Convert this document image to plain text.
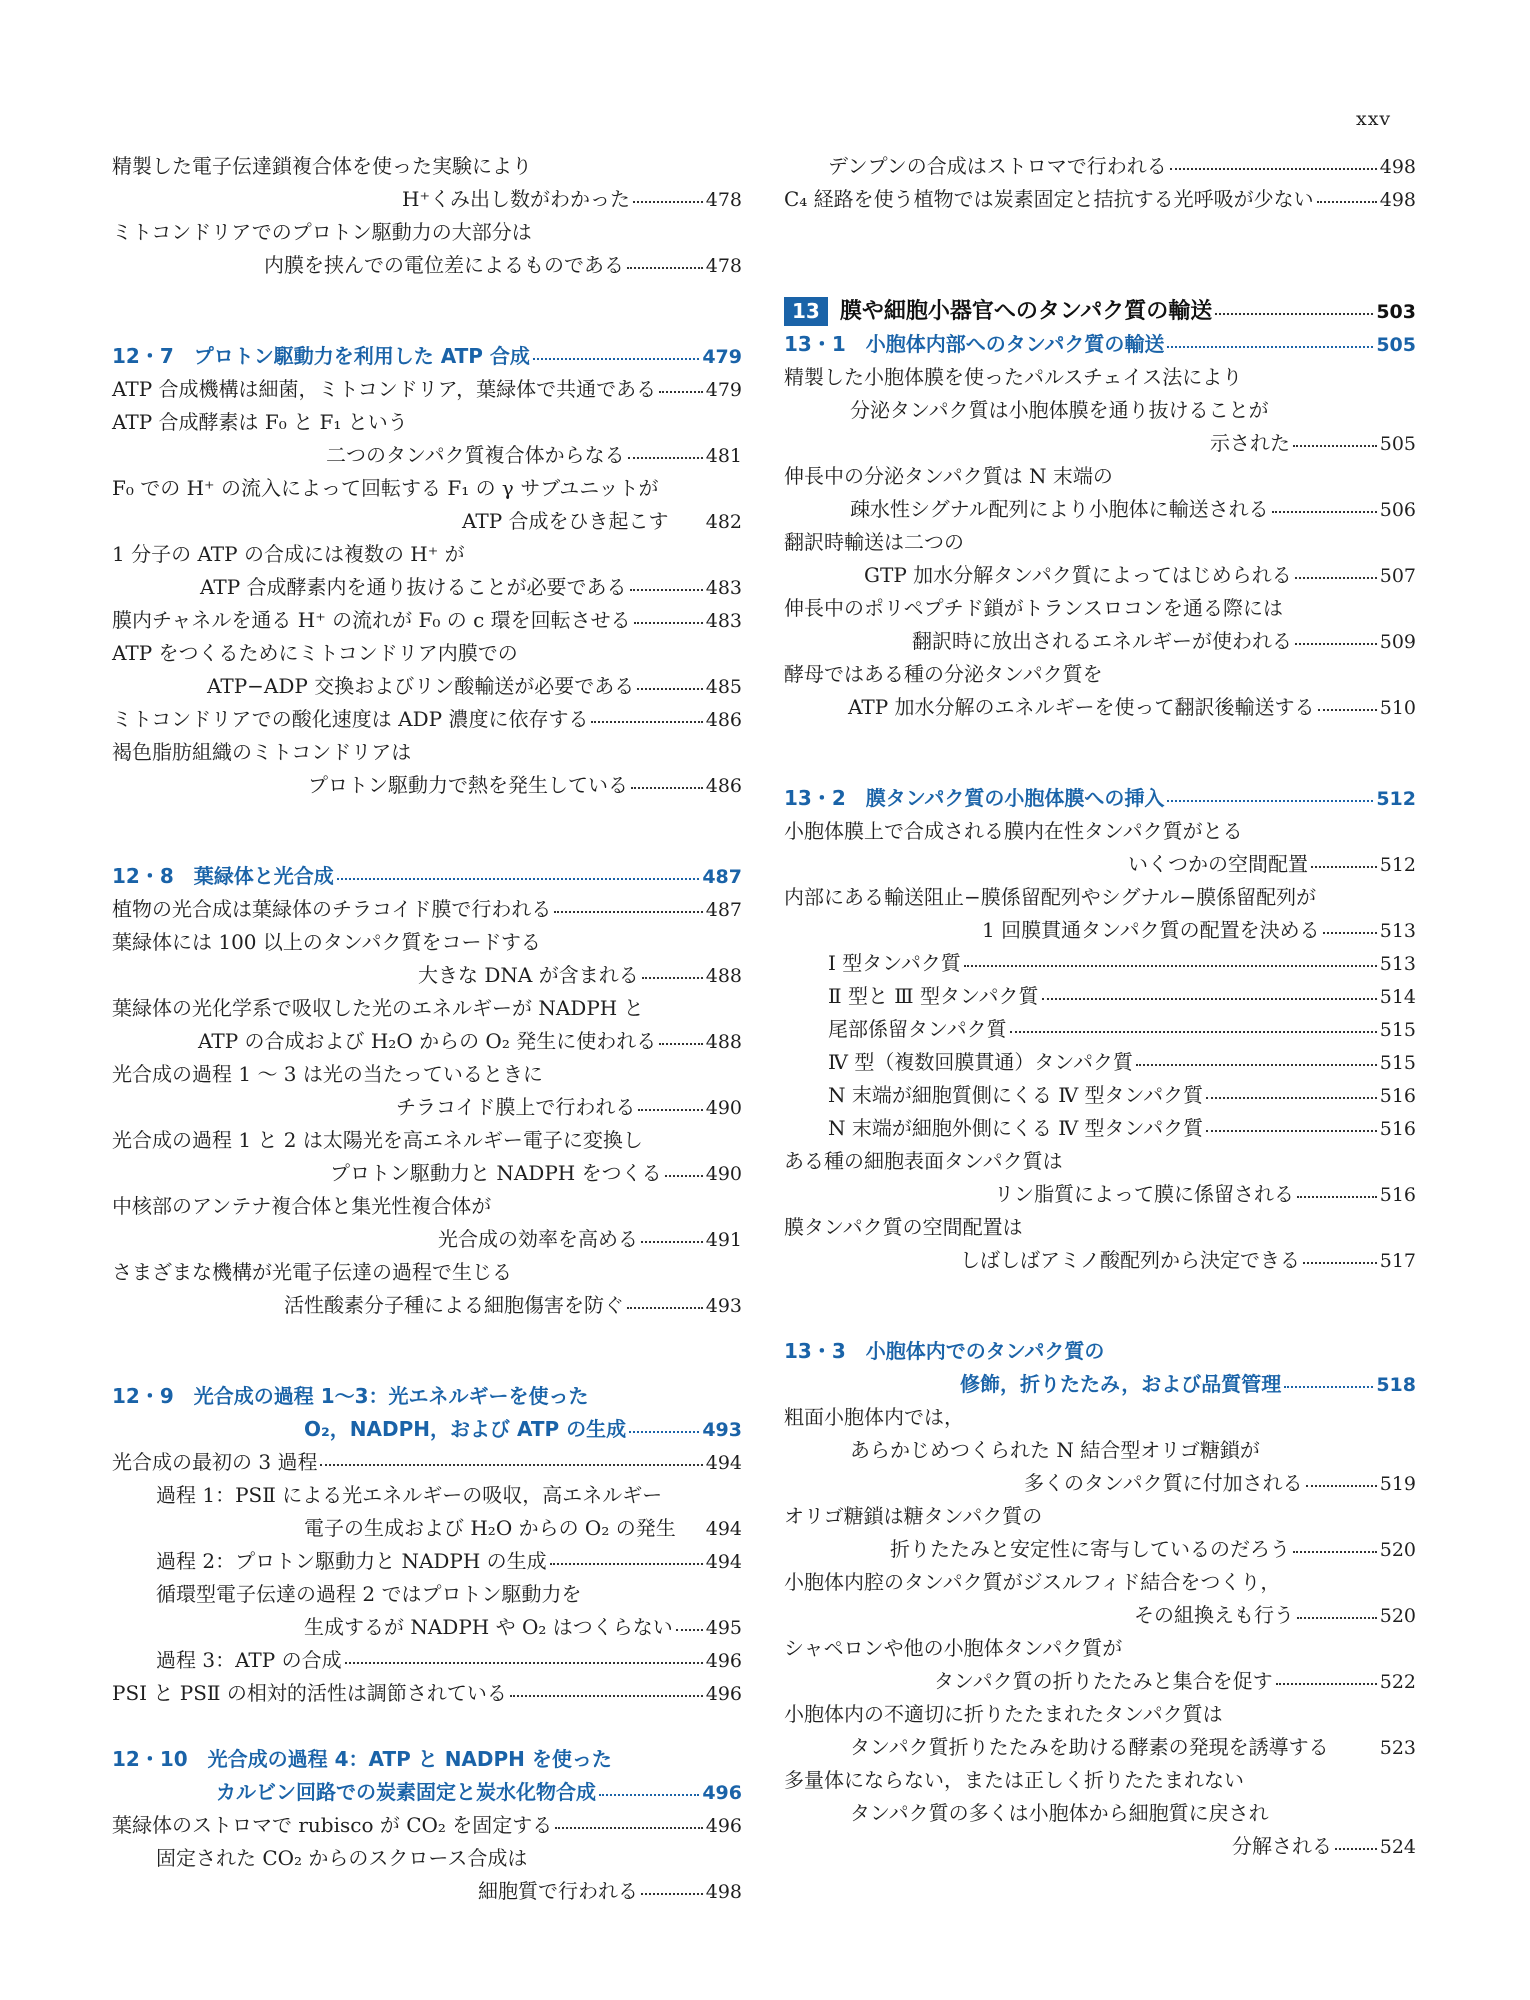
xxv
精製した電子伝達鎖複合体を使った実験により
H⁺くみ出し数がわかった	478
ミトコンドリアでのプロトン駆動力の大部分は
内膜を挟んでの電位差によるものである	478
12・7　プロトン駆動力を利用した ATP 合成	479
ATP 合成機構は細菌，ミトコンドリア，葉緑体で共通である	479
ATP 合成酵素は F₀ と F₁ という
二つのタンパク質複合体からなる	481
F₀ での H⁺ の流入によって回転する F₁ の γ サブユニットが
ATP 合成をひき起こす 482
1 分子の ATP の合成には複数の H⁺ が
ATP 合成酵素内を通り抜けることが必要である	483
膜内チャネルを通る H⁺ の流れが F₀ の c 環を回転させる	483
ATP をつくるためにミトコンドリア内膜での
ATP−ADP 交換およびリン酸輸送が必要である	485
ミトコンドリアでの酸化速度は ADP 濃度に依存する	486
褐色脂肪組織のミトコンドリアは
プロトン駆動力で熱を発生している	486
12・8　葉緑体と光合成	487
植物の光合成は葉緑体のチラコイド膜で行われる	487
葉緑体には 100 以上のタンパク質をコードする
大きな DNA が含まれる	488
葉緑体の光化学系で吸収した光のエネルギーが NADPH と
ATP の合成および H₂O からの O₂ 発生に使われる	488
光合成の過程 1 〜 3 は光の当たっているときに
チラコイド膜上で行われる	490
光合成の過程 1 と 2 は太陽光を高エネルギー電子に変換し
プロトン駆動力と NADPH をつくる 490
中核部のアンテナ複合体と集光性複合体が
光合成の効率を高める	491
さまざまな機構が光電子伝達の過程で生じる
活性酸素分子種による細胞傷害を防ぐ	493
12・9　光合成の過程 1〜3：光エネルギーを使った
O₂，NADPH，および ATP の生成	493
光合成の最初の 3 過程	494
過程 1：PSⅡ による光エネルギーの吸収，高エネルギー
電子の生成および H₂O からの O₂ の発生 494
過程 2：プロトン駆動力と NADPH の生成	494
循環型電子伝達の過程 2 ではプロトン駆動力を
生成するが NADPH や O₂ はつくらない 495
過程 3：ATP の合成	496
PSⅠ と PSⅡ の相対的活性は調節されている	496
12・10　光合成の過程 4：ATP と NADPH を使った
カルビン回路での炭素固定と炭水化物合成	496
葉緑体のストロマで rubisco が CO₂ を固定する	496
固定された CO₂ からのスクロース合成は
細胞質で行われる	498
デンプンの合成はストロマで行われる	498
C₄ 経路を使う植物では炭素固定と拮抗する光呼吸が少ない	498
13 膜や細胞小器官へのタンパク質の輸送	503
13・1　小胞体内部へのタンパク質の輸送	505
精製した小胞体膜を使ったパルスチェイス法により
分泌タンパク質は小胞体膜を通り抜けることが
示された	505
伸長中の分泌タンパク質は N 末端の
疎水性シグナル配列により小胞体に輸送される	506
翻訳時輸送は二つの
GTP 加水分解タンパク質によってはじめられる	507
伸長中のポリペプチド鎖がトランスロコンを通る際には
翻訳時に放出されるエネルギーが使われる	509
酵母ではある種の分泌タンパク質を
ATP 加水分解のエネルギーを使って翻訳後輸送する	510
13・2　膜タンパク質の小胞体膜への挿入	512
小胞体膜上で合成される膜内在性タンパク質がとる
いくつかの空間配置	512
内部にある輸送阻止−膜係留配列やシグナル−膜係留配列が
1 回膜貫通タンパク質の配置を決める	513
Ⅰ 型タンパク質	513
Ⅱ 型と Ⅲ 型タンパク質	514
尾部係留タンパク質	515
Ⅳ 型（複数回膜貫通）タンパク質	515
N 末端が細胞質側にくる Ⅳ 型タンパク質	516
N 末端が細胞外側にくる Ⅳ 型タンパク質	516
ある種の細胞表面タンパク質は
リン脂質によって膜に係留される	516
膜タンパク質の空間配置は
しばしばアミノ酸配列から決定できる	517
13・3　小胞体内でのタンパク質の
修飾，折りたたみ，および品質管理	518
粗面小胞体内では，
あらかじめつくられた N 結合型オリゴ糖鎖が
多くのタンパク質に付加される	519
オリゴ糖鎖は糖タンパク質の
折りたたみと安定性に寄与しているのだろう	520
小胞体内腔のタンパク質がジスルフィド結合をつくり，
その組換えも行う	520
シャペロンや他の小胞体タンパク質が
タンパク質の折りたたみと集合を促す	522
小胞体内の不適切に折りたたまれたタンパク質は
タンパク質折りたたみを助ける酵素の発現を誘導する	523
多量体にならない，または正しく折りたたまれない
タンパク質の多くは小胞体から細胞質に戻され
分解される	524
